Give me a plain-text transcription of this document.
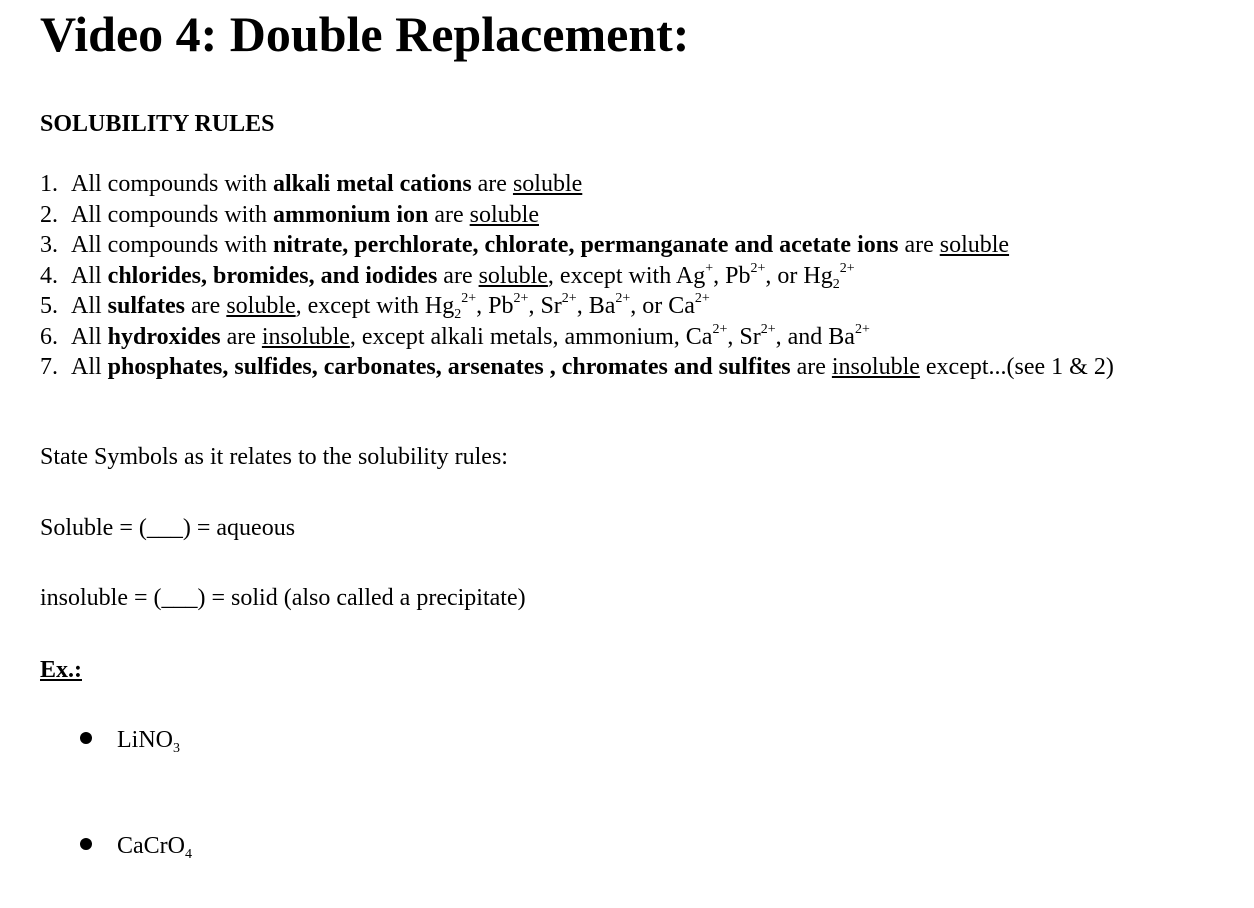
Video 4: Double Replacement:
SOLUBILITY RULES
1. All compounds with alkali metal cations are soluble
2. All compounds with ammonium ion are soluble
3. All compounds with nitrate, perchlorate, chlorate, permanganate and acetate ions are soluble
4. All chlorides, bromides, and iodides are soluble, except with Ag+, $Pb^{2+}$, or $Hg_2^{2+}$
5. All sulfates are soluble, except with $Hg_2^{2+}$, $Pb^{2+}$, $Sr^{2+}$, $Ba^{2+}$, or $Ca^{2+}$
6. All hydroxides are insoluble, except alkali metals, ammonium, $Ca^{2+}$, $Sr^{2+}$, and $Ba^{2+}$
7. All phosphates, sulfides, carbonates, arsenates , chromates and sulfites are insoluble except...(see 1 & 2)

State Symbols as it relates to the solubility rules:

Soluble = (___) = aqueous

insoluble = (___) = solid (also called a precipitate)

Ex.:
LiNO$_3$
CaCrO$_4$
